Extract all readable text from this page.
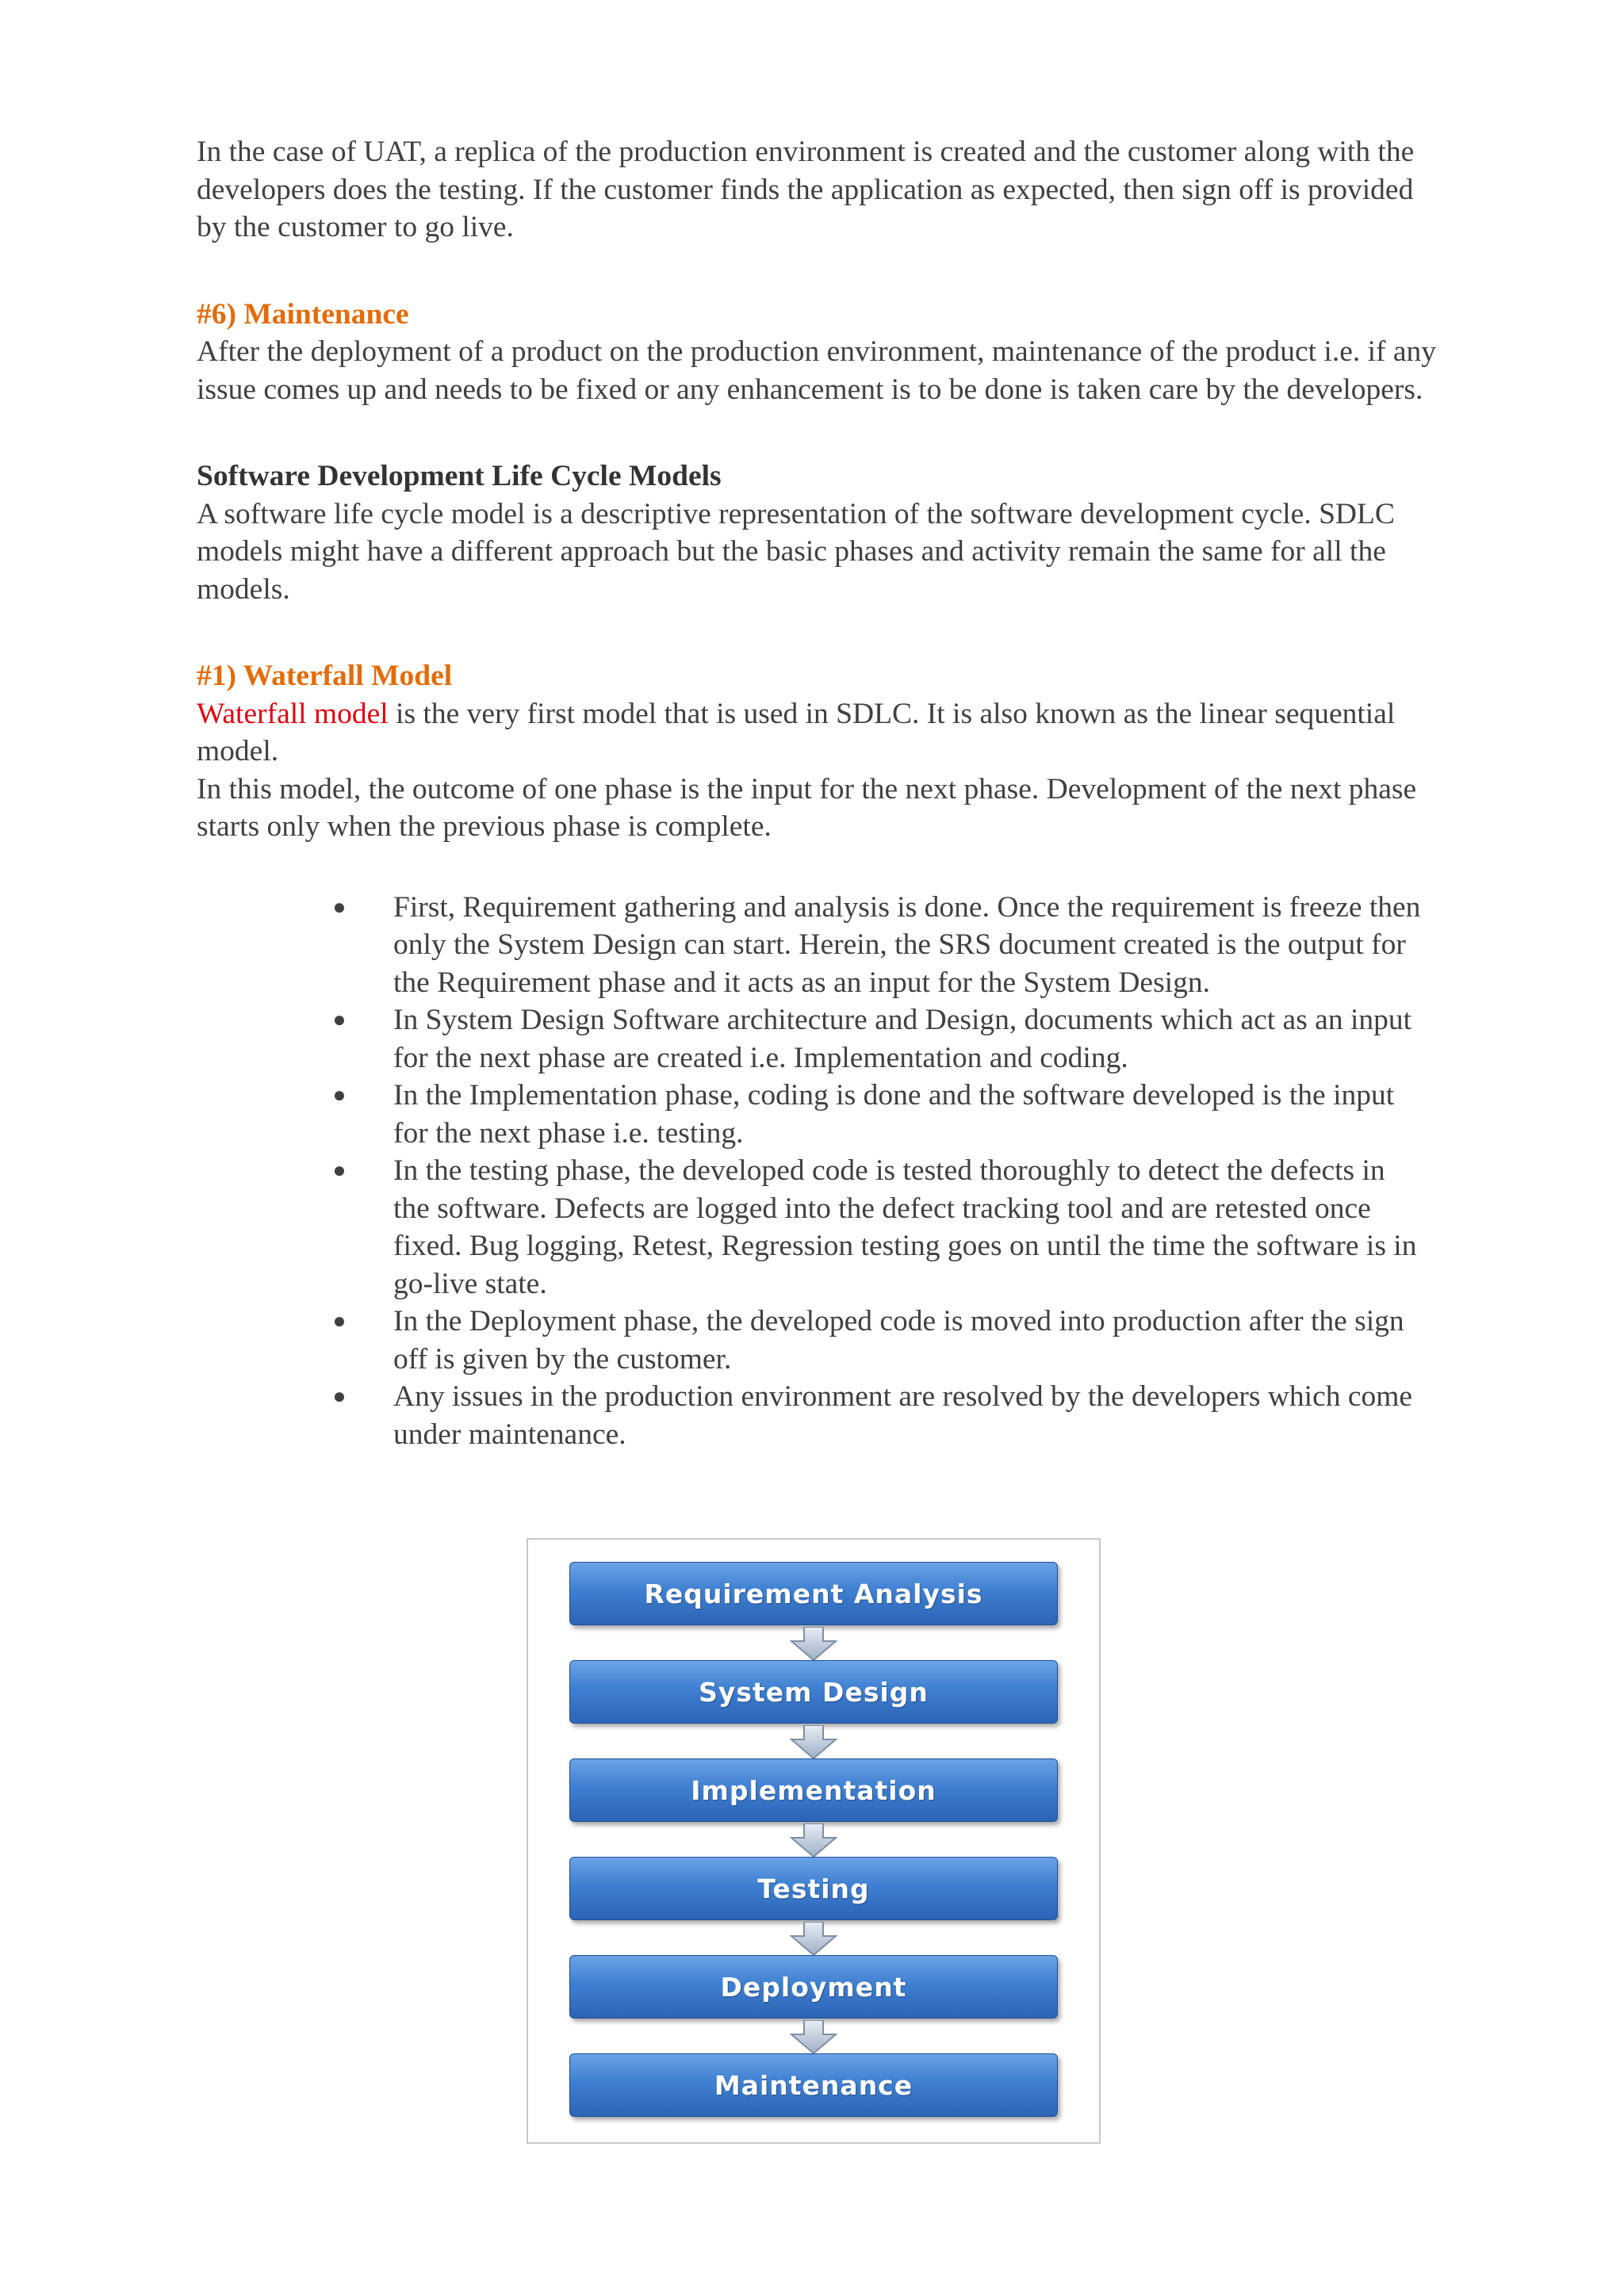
In the case of UAT, a replica of the production environment is created and the customer along with the developers does the testing. If the customer finds the application as expected, then sign off is provided by the customer to go live.

#6) Maintenance

After the deployment of a product on the production environment, maintenance of the product i.e. if any issue comes up and needs to be fixed or any enhancement is to be done is taken care by the developers.

Software Development Life Cycle Models

A software life cycle model is a descriptive representation of the software development cycle. SDLC models might have a different approach but the basic phases and activity remain the same for all the models.

#1) Waterfall Model

Waterfall model is the very first model that is used in SDLC. It is also known as the linear sequential model.

In this model, the outcome of one phase is the input for the next phase. Development of the next phase starts only when the previous phase is complete.

● First, Requirement gathering and analysis is done. Once the requirement is freeze then only the System Design can start. Herein, the SRS document created is the output for the Requirement phase and it acts as an input for the System Design.
● In System Design Software architecture and Design, documents which act as an input for the next phase are created i.e. Implementation and coding.
● In the Implementation phase, coding is done and the software developed is the input for the next phase i.e. testing.
● In the testing phase, the developed code is tested thoroughly to detect the defects in the software. Defects are logged into the defect tracking tool and are retested once fixed. Bug logging, Retest, Regression testing goes on until the time the software is in go-live state.
● In the Deployment phase, the developed code is moved into production after the sign off is given by the customer.
● Any issues in the production environment are resolved by the developers which come under maintenance.
Requirement Analysis
System Design
Implementation
Testing
Deployment
Maintenance
